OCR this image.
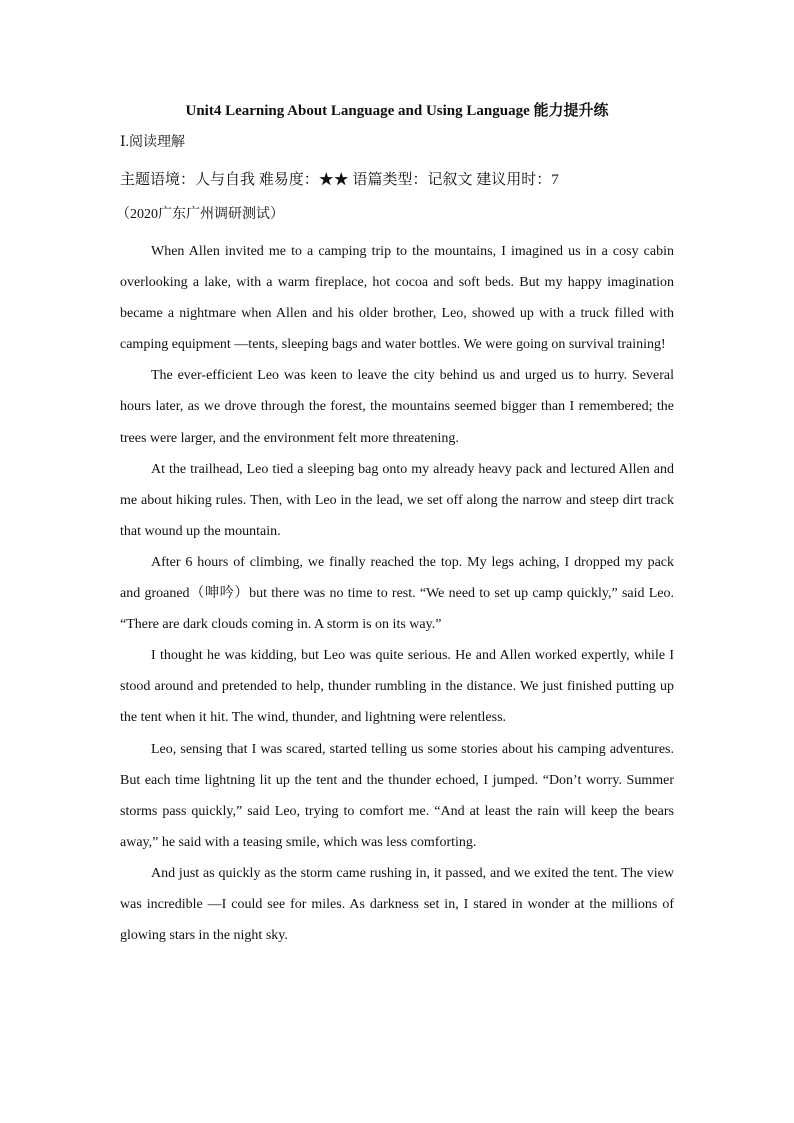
Unit4 Learning About Language and Using Language 能力提升练
Ⅰ.阅读理解
主题语境：人与自我 难易度：★★ 语篇类型：记叙文 建议用时：7
（2020广东广州调研测试）

When Allen invited me to a camping trip to the mountains, I imagined us in a cosy cabin overlooking a lake, with a warm fireplace, hot cocoa and soft beds. But my happy imagination became a nightmare when Allen and his older brother, Leo, showed up with a truck filled with camping equipment —tents, sleeping bags and water bottles. We were going on survival training!

The ever-efficient Leo was keen to leave the city behind us and urged us to hurry. Several hours later, as we drove through the forest, the mountains seemed bigger than I remembered; the trees were larger, and the environment felt more threatening.

At the trailhead, Leo tied a sleeping bag onto my already heavy pack and lectured Allen and me about hiking rules. Then, with Leo in the lead, we set off along the narrow and steep dirt track that wound up the mountain.

After 6 hours of climbing, we finally reached the top. My legs aching, I dropped my pack and groaned（呻吟）but there was no time to rest. “We need to set up camp quickly,” said Leo. “There are dark clouds coming in. A storm is on its way.”

I thought he was kidding, but Leo was quite serious. He and Allen worked expertly, while I stood around and pretended to help, thunder rumbling in the distance. We just finished putting up the tent when it hit. The wind, thunder, and lightning were relentless.

Leo, sensing that I was scared, started telling us some stories about his camping adventures. But each time lightning lit up the tent and the thunder echoed, I jumped. “Don’t worry. Summer storms pass quickly,” said Leo, trying to comfort me. “And at least the rain will keep the bears away,” he said with a teasing smile, which was less comforting.

And just as quickly as the storm came rushing in, it passed, and we exited the tent. The view was incredible —I could see for miles. As darkness set in, I stared in wonder at the millions of glowing stars in the night sky.
